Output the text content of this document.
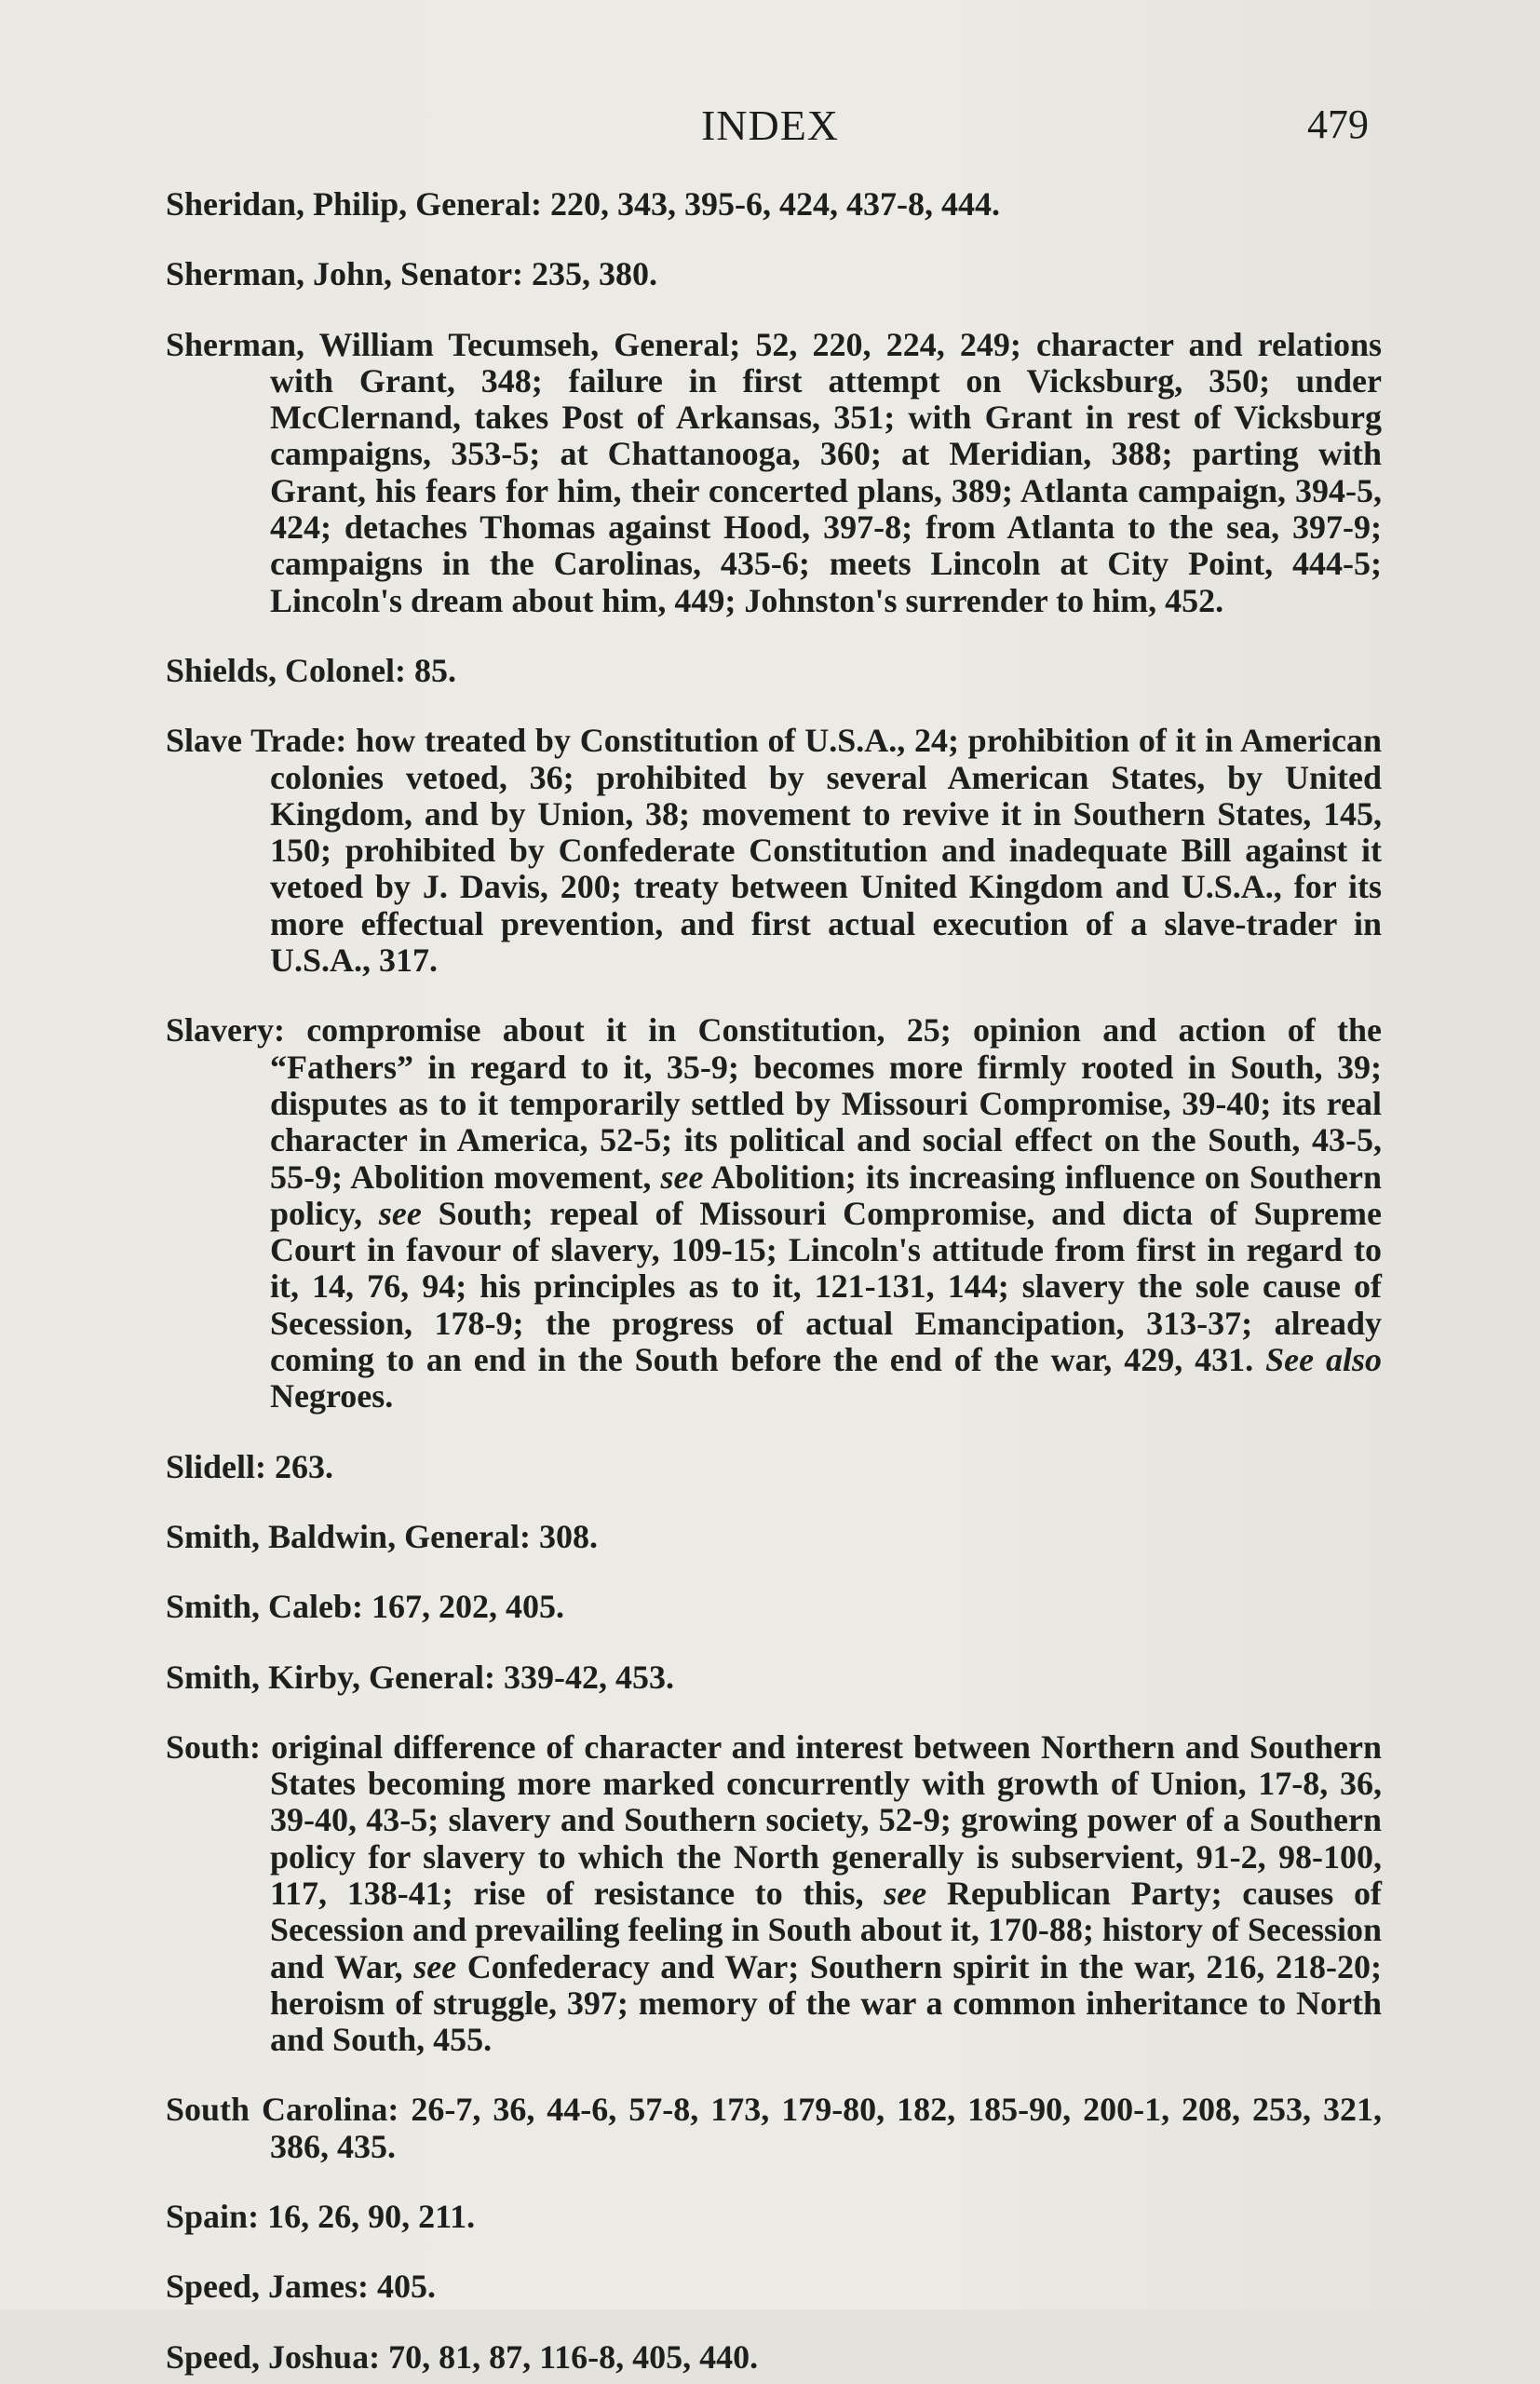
INDEX	479

Sheridan, Philip, General: 220, 343, 395-6, 424, 437-8, 444.

Sherman, John, Senator: 235, 380.

Sherman, William Tecumseh, General; 52, 220, 224, 249; character and relations with Grant, 348; failure in first attempt on Vicksburg, 350; under McClernand, takes Post of Arkansas, 351; with Grant in rest of Vicksburg campaigns, 353-5; at Chattanooga, 360; at Meridian, 388; parting with Grant, his fears for him, their concerted plans, 389; Atlanta campaign, 394-5, 424; detaches Thomas against Hood, 397-8; from Atlanta to the sea, 397-9; campaigns in the Carolinas, 435-6; meets Lincoln at City Point, 444-5; Lincoln's dream about him, 449; Johnston's surrender to him, 452.

Shields, Colonel: 85.

Slave Trade: how treated by Constitution of U.S.A., 24; prohibition of it in American colonies vetoed, 36; prohibited by several American States, by United Kingdom, and by Union, 38; movement to revive it in Southern States, 145, 150; prohibited by Confederate Constitution and inadequate Bill against it vetoed by J. Davis, 200; treaty between United Kingdom and U.S.A., for its more effectual prevention, and first actual execution of a slave-trader in U.S.A., 317.

Slavery: compromise about it in Constitution, 25; opinion and action of the “Fathers” in regard to it, 35-9; becomes more firmly rooted in South, 39; disputes as to it temporarily settled by Missouri Compromise, 39-40; its real character in America, 52-5; its political and social effect on the South, 43-5, 55-9; Abolition movement, see Abolition; its increasing influence on Southern policy, see South; repeal of Missouri Compromise, and dicta of Supreme Court in favour of slavery, 109-15; Lincoln's attitude from first in regard to it, 14, 76, 94; his principles as to it, 121-131, 144; slavery the sole cause of Secession, 178-9; the progress of actual Emancipation, 313-37; already coming to an end in the South before the end of the war, 429, 431. See also Negroes.

Slidell: 263.

Smith, Baldwin, General: 308.

Smith, Caleb: 167, 202, 405.

Smith, Kirby, General: 339-42, 453.

South: original difference of character and interest between Northern and Southern States becoming more marked concurrently with growth of Union, 17-8, 36, 39-40, 43-5; slavery and Southern society, 52-9; growing power of a Southern policy for slavery to which the North generally is subservient, 91-2, 98-100, 117, 138-41; rise of resistance to this, see Republican Party; causes of Secession and prevailing feeling in South about it, 170-88; history of Secession and War, see Confederacy and War; Southern spirit in the war, 216, 218-20; heroism of struggle, 397; memory of the war a common inheritance to North and South, 455.

South Carolina: 26-7, 36, 44-6, 57-8, 173, 179-80, 182, 185-90, 200-1, 208, 253, 321, 386, 435.

Spain: 16, 26, 90, 211.

Speed, James: 405.

Speed, Joshua: 70, 81, 87, 116-8, 405, 440.
